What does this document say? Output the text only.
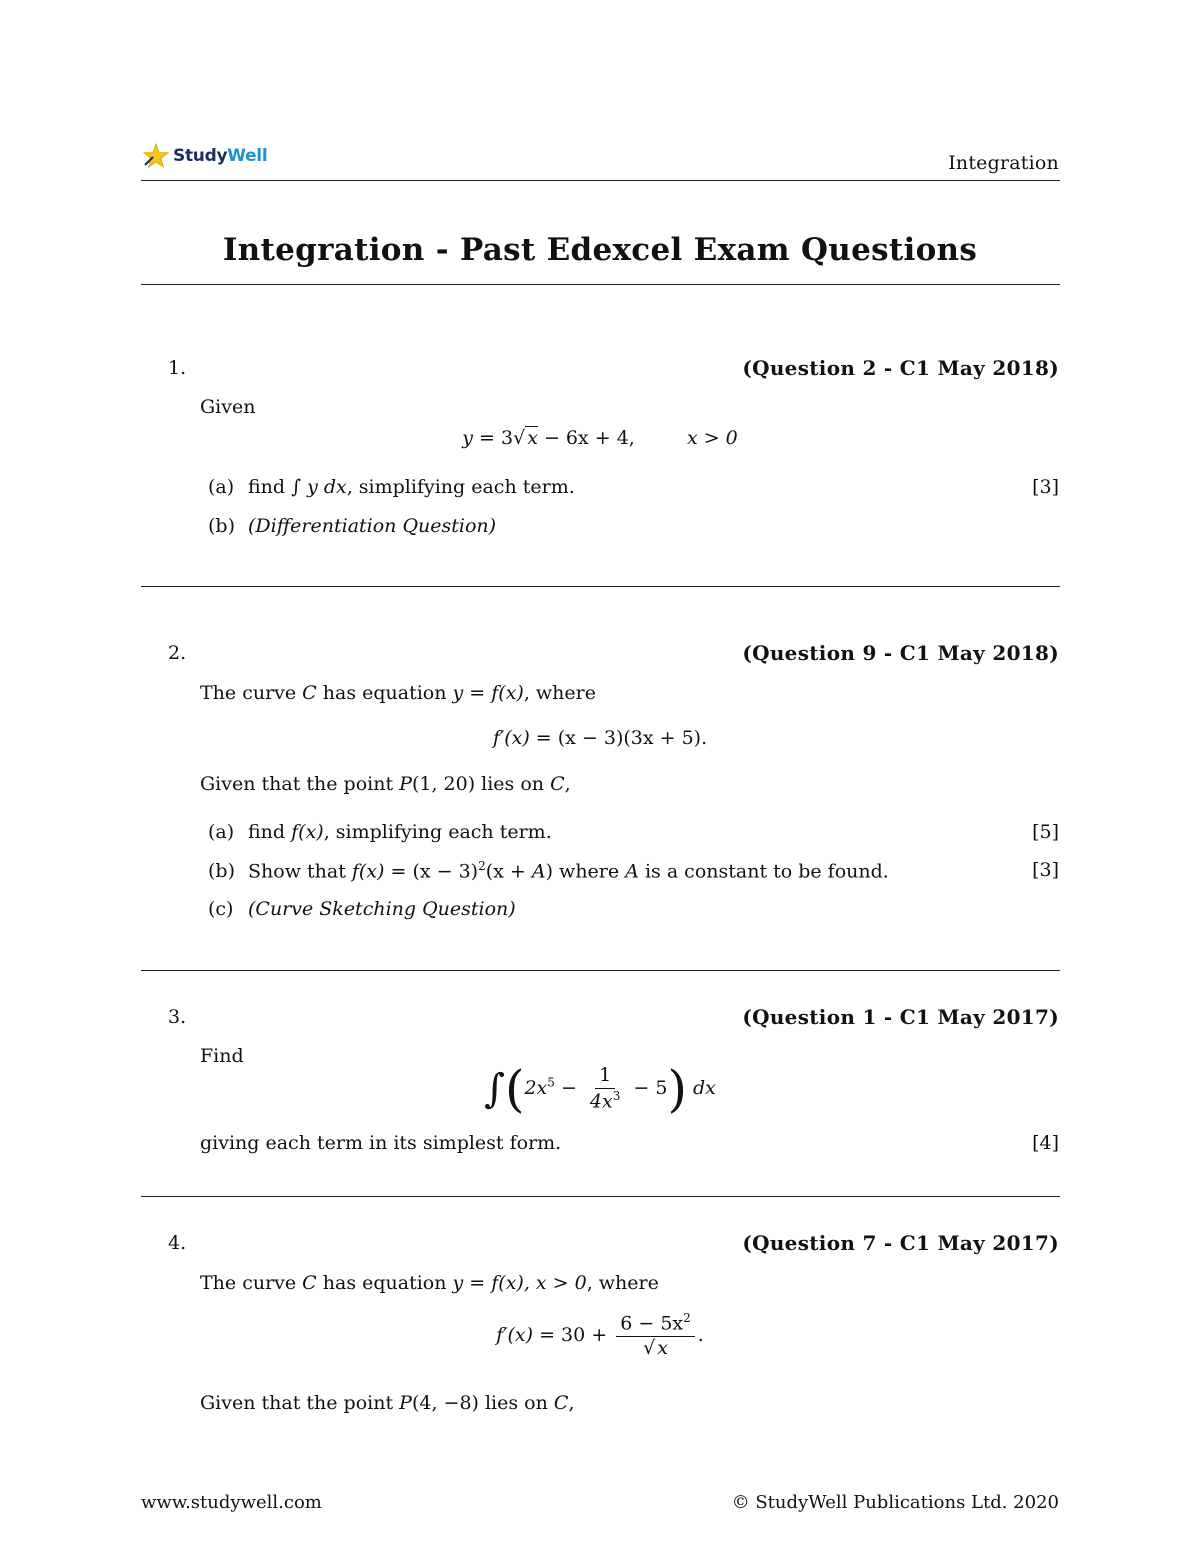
StudyWell	Integration
Integration - Past Edexcel Exam Questions
1.	(Question 2 - C1 May 2018)
Given
y = 3√ x − 6x + 4,	x > 0
(a) find ∫ y dx, simplifying each term.	[3]
(b) (Differentiation Question)
2.	(Question 9 - C1 May 2018)
The curve C has equation y = f(x), where
f′(x) = (x − 3)(3x + 5).
Given that the point P(1, 20) lies on C,
(a) find f(x), simplifying each term.	[5]
(b) Show that $f(x) = (x - 3)^2(x + A)$ where A is a constant to be found.	[3]
(c) (Curve Sketching Question)
3.	(Question 1 - C1 May 2017)
Find
$\int(2x^5 - \frac{1}{4x^3} - 5)$ dx
giving each term in its simplest form.	[4]
4.	(Question 7 - C1 May 2017)
The curve C has equation y = f(x), x > 0, where
$f'(x) = 30 + \frac{6 - 5x^2}{√ x}$ .
Given that the point P(4, −8) lies on C,
www.studywell.com	© StudyWell Publications Ltd. 2020
